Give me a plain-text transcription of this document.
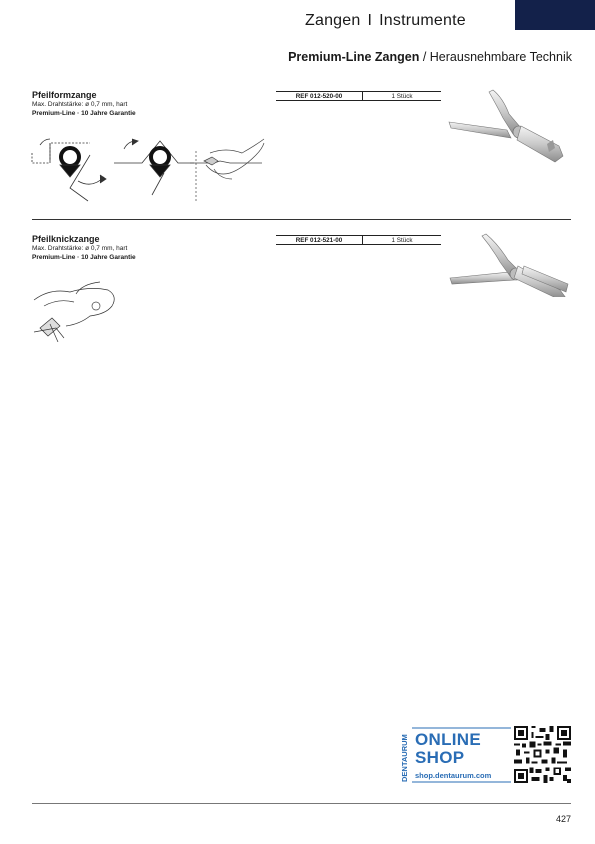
Zangen I Instrumente
Premium-Line Zangen / Herausnehmbare Technik
Pfeilformzange
Max. Drahtstärke: ø 0,7 mm, hart
Premium-Line · 10 Jahre Garantie
REF 012-520-00	1 Stück
Pfeilknickzange
Max. Drahtstärke: ø 0,7 mm, hart
Premium-Line · 10 Jahre Garantie
REF 012-521-00	1 Stück
DENTAURUM ONLINE
SHOP
shop.dentaurum.com
427
